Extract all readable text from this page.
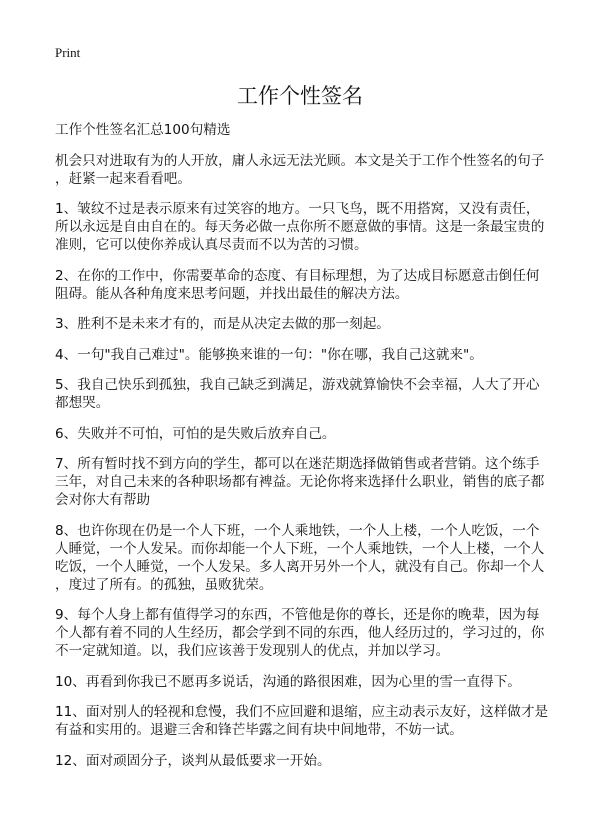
Print
工作个性签名
工作个性签名汇总100句精选
机会只对进取有为的人开放，庸人永远无法光顾。本文是关于工作个性签名的句子
，赶紧一起来看看吧。
1、皱纹不过是表示原来有过笑容的地方。一只飞鸟，既不用搭窝，又没有责任，
所以永远是自由自在的。每天务必做一点你所不愿意做的事情。这是一条最宝贵的
准则，它可以使你养成认真尽责而不以为苦的习惯。
2、在你的工作中，你需要革命的态度、有目标理想，为了达成目标愿意击倒任何
阻碍。能从各种角度来思考问题，并找出最佳的解决方法。
3、胜利不是未来才有的，而是从决定去做的那一刻起。
4、一句"我自己难过"。能够换来谁的一句："你在哪，我自己这就来"。
5、我自己快乐到孤独，我自己缺乏到满足，游戏就算愉快不会幸福，人大了开心
都想哭。
6、失败并不可怕，可怕的是失败后放弃自己。
7、所有暂时找不到方向的学生，都可以在迷茫期选择做销售或者营销。这个练手
三年，对自己未来的各种职场都有裨益。无论你将来选择什么职业，销售的底子都
会对你大有帮助
8、也许你现在仍是一个人下班，一个人乘地铁，一个人上楼，一个人吃饭，一个
人睡觉，一个人发呆。而你却能一个人下班，一个人乘地铁，一个人上楼，一个人
吃饭，一个人睡觉，一个人发呆。多人离开另外一个人，就没有自己。你却一个人
，度过了所有。的孤独，虽败犹荣。
9、每个人身上都有值得学习的东西，不管他是你的尊长，还是你的晚辈，因为每
个人都有着不同的人生经历，都会学到不同的东西，他人经历过的，学习过的，你
不一定就知道。以，我们应该善于发现别人的优点，并加以学习。
10、再看到你我已不愿再多说话，沟通的路很困难，因为心里的雪一直得下。
11、面对别人的轻视和怠慢，我们不应回避和退缩，应主动表示友好，这样做才是
有益和实用的。退避三舍和锋芒毕露之间有块中间地带，不妨一试。
12、面对顽固分子，谈判从最低要求一开始。
